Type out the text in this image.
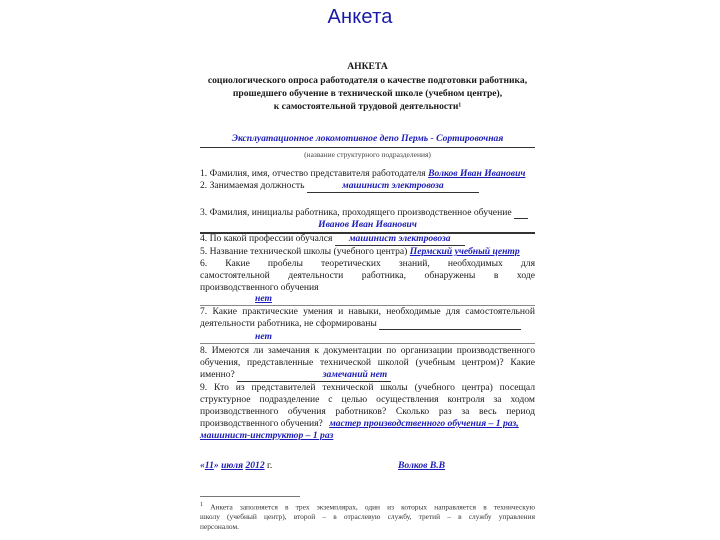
Анкета
АНКЕТА
социологического опроса работодателя о качестве подготовки работника,
прошедшего обучение в технической школе (учебном центре),
к самостоятельной трудовой деятельности¹
Эксплуатационное локомотивное депо Пермь - Сортировочная
(название структурного подразделения)
1. Фамилия, имя, отчество представителя работодателя Волков Иван Иванович
2. Занимаемая должность	машинист электровоза
3. Фамилия, инициалы работника, проходящего производственное обучение
Иванов Иван Иванович
4. По какой профессии обучался машинист электровоза
5. Название технической школы (учебного центра) Пермский учебный центр
6. Какие пробелы теоретических знаний, необходимых для
самостоятельной деятельности работника, обнаружены в ходе
производственного обучения
нет
7. Какие практические умения и навыки, необходимые для самостоятельной
деятельности работника, не сформированы
нет
8. Имеются ли замечания к документации по организации производственного
обучения, представленные технической школой (учебным центром)? Какие
именно?	замечаний нет
9. Кто из представителей технической школы (учебного центра) посещал
структурное подразделение с целью осуществления контроля за ходом
производственного обучения работников? Сколько раз за весь период
производственного обучения? мастер производственного обучения – 1 раз,
машинист-инструктор – 1 раз
«11» июля 2012 г.	Волков В.В
$^1$ Анкета заполняется в трех экземплярах, один из которых направляется в техническую
школу (учебный центр), второй – в отраслевую службу, третий – в службу управления
персоналом.
